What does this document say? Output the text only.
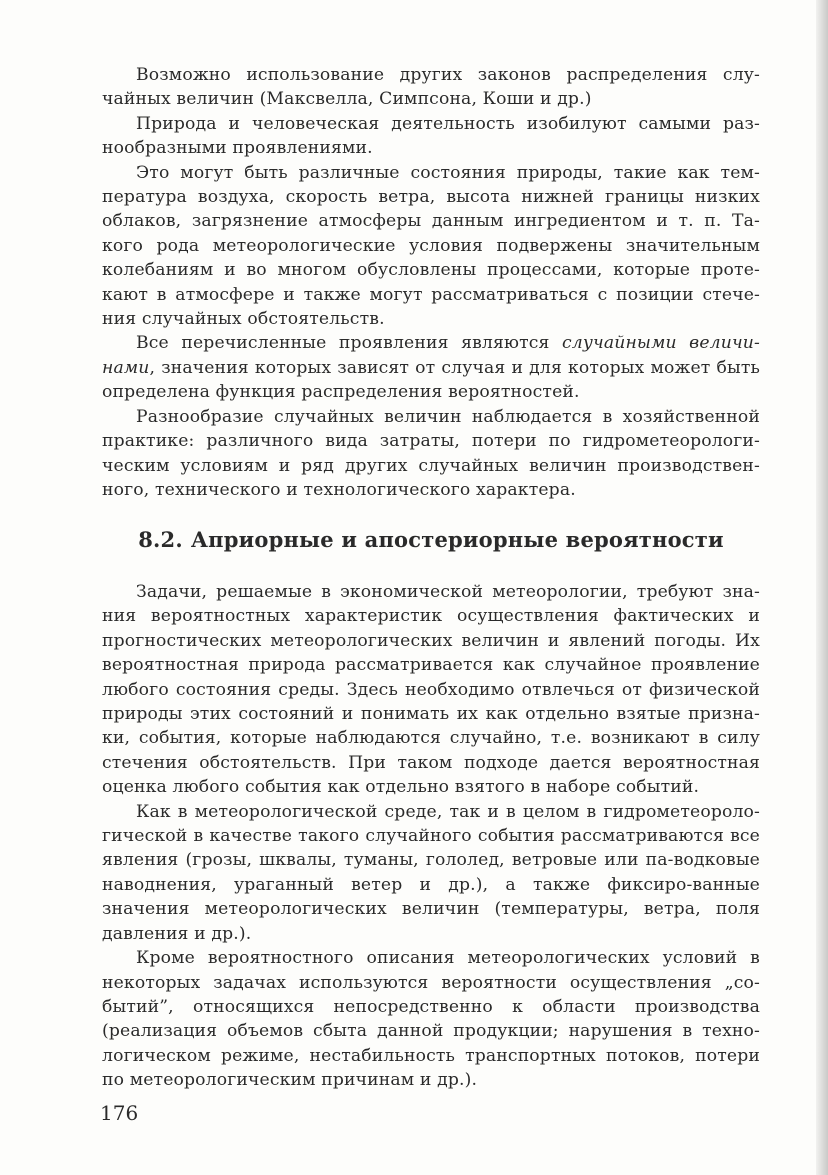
Возможно использование других законов распределения слу-чайных величин (Максвелла, Симпсона, Коши и др.)

Природа и человеческая деятельность изобилуют самыми раз-нообразными проявлениями.

Это могут быть различные состояния природы, такие как тем-пература воздуха, скорость ветра, высота нижней границы низких облаков, загрязнение атмосферы данным ингредиентом и т. п. Та-кого рода метеорологические условия подвержены значительным колебаниям и во многом обусловлены процессами, которые проте-кают в атмосфере и также могут рассматриваться с позиции стече-ния случайных обстоятельств.

Все перечисленные проявления являются случайными величи-нами, значения которых зависят от случая и для которых может быть определена функция распределения вероятностей.

Разнообразие случайных величин наблюдается в хозяйственной практике: различного вида затраты, потери по гидрометеорологи-ческим условиям и ряд других случайных величин производствен-ного, технического и технологического характера.

8.2. Априорные и апостериорные вероятности

Задачи, решаемые в экономической метеорологии, требуют зна-ния вероятностных характеристик осуществления фактических и прогностических метеорологических величин и явлений погоды. Их вероятностная природа рассматривается как случайное проявление любого состояния среды. Здесь необходимо отвлечься от физической природы этих состояний и понимать их как отдельно взятые призна-ки, события, которые наблюдаются случайно, т.е. возникают в силу стечения обстоятельств. При таком подходе дается вероятностная оценка любого события как отдельно взятого в наборе событий.

Как в метеорологической среде, так и в целом в гидрометеороло-гической в качестве такого случайного события рассматриваются все явления (грозы, шквалы, туманы, гололед, ветровые или па-водковые наводнения, ураганный ветер и др.), а также фиксиро-ванные значения метеорологических величин (температуры, ветра, поля давления и др.).

Кроме вероятностного описания метеорологических условий в некоторых задачах используются вероятности осуществления „со-бытий”, относящихся непосредственно к области производства (реализация объемов сбыта данной продукции; нарушения в техно-логическом режиме, нестабильность транспортных потоков, потери по метеорологическим причинам и др.).

176
